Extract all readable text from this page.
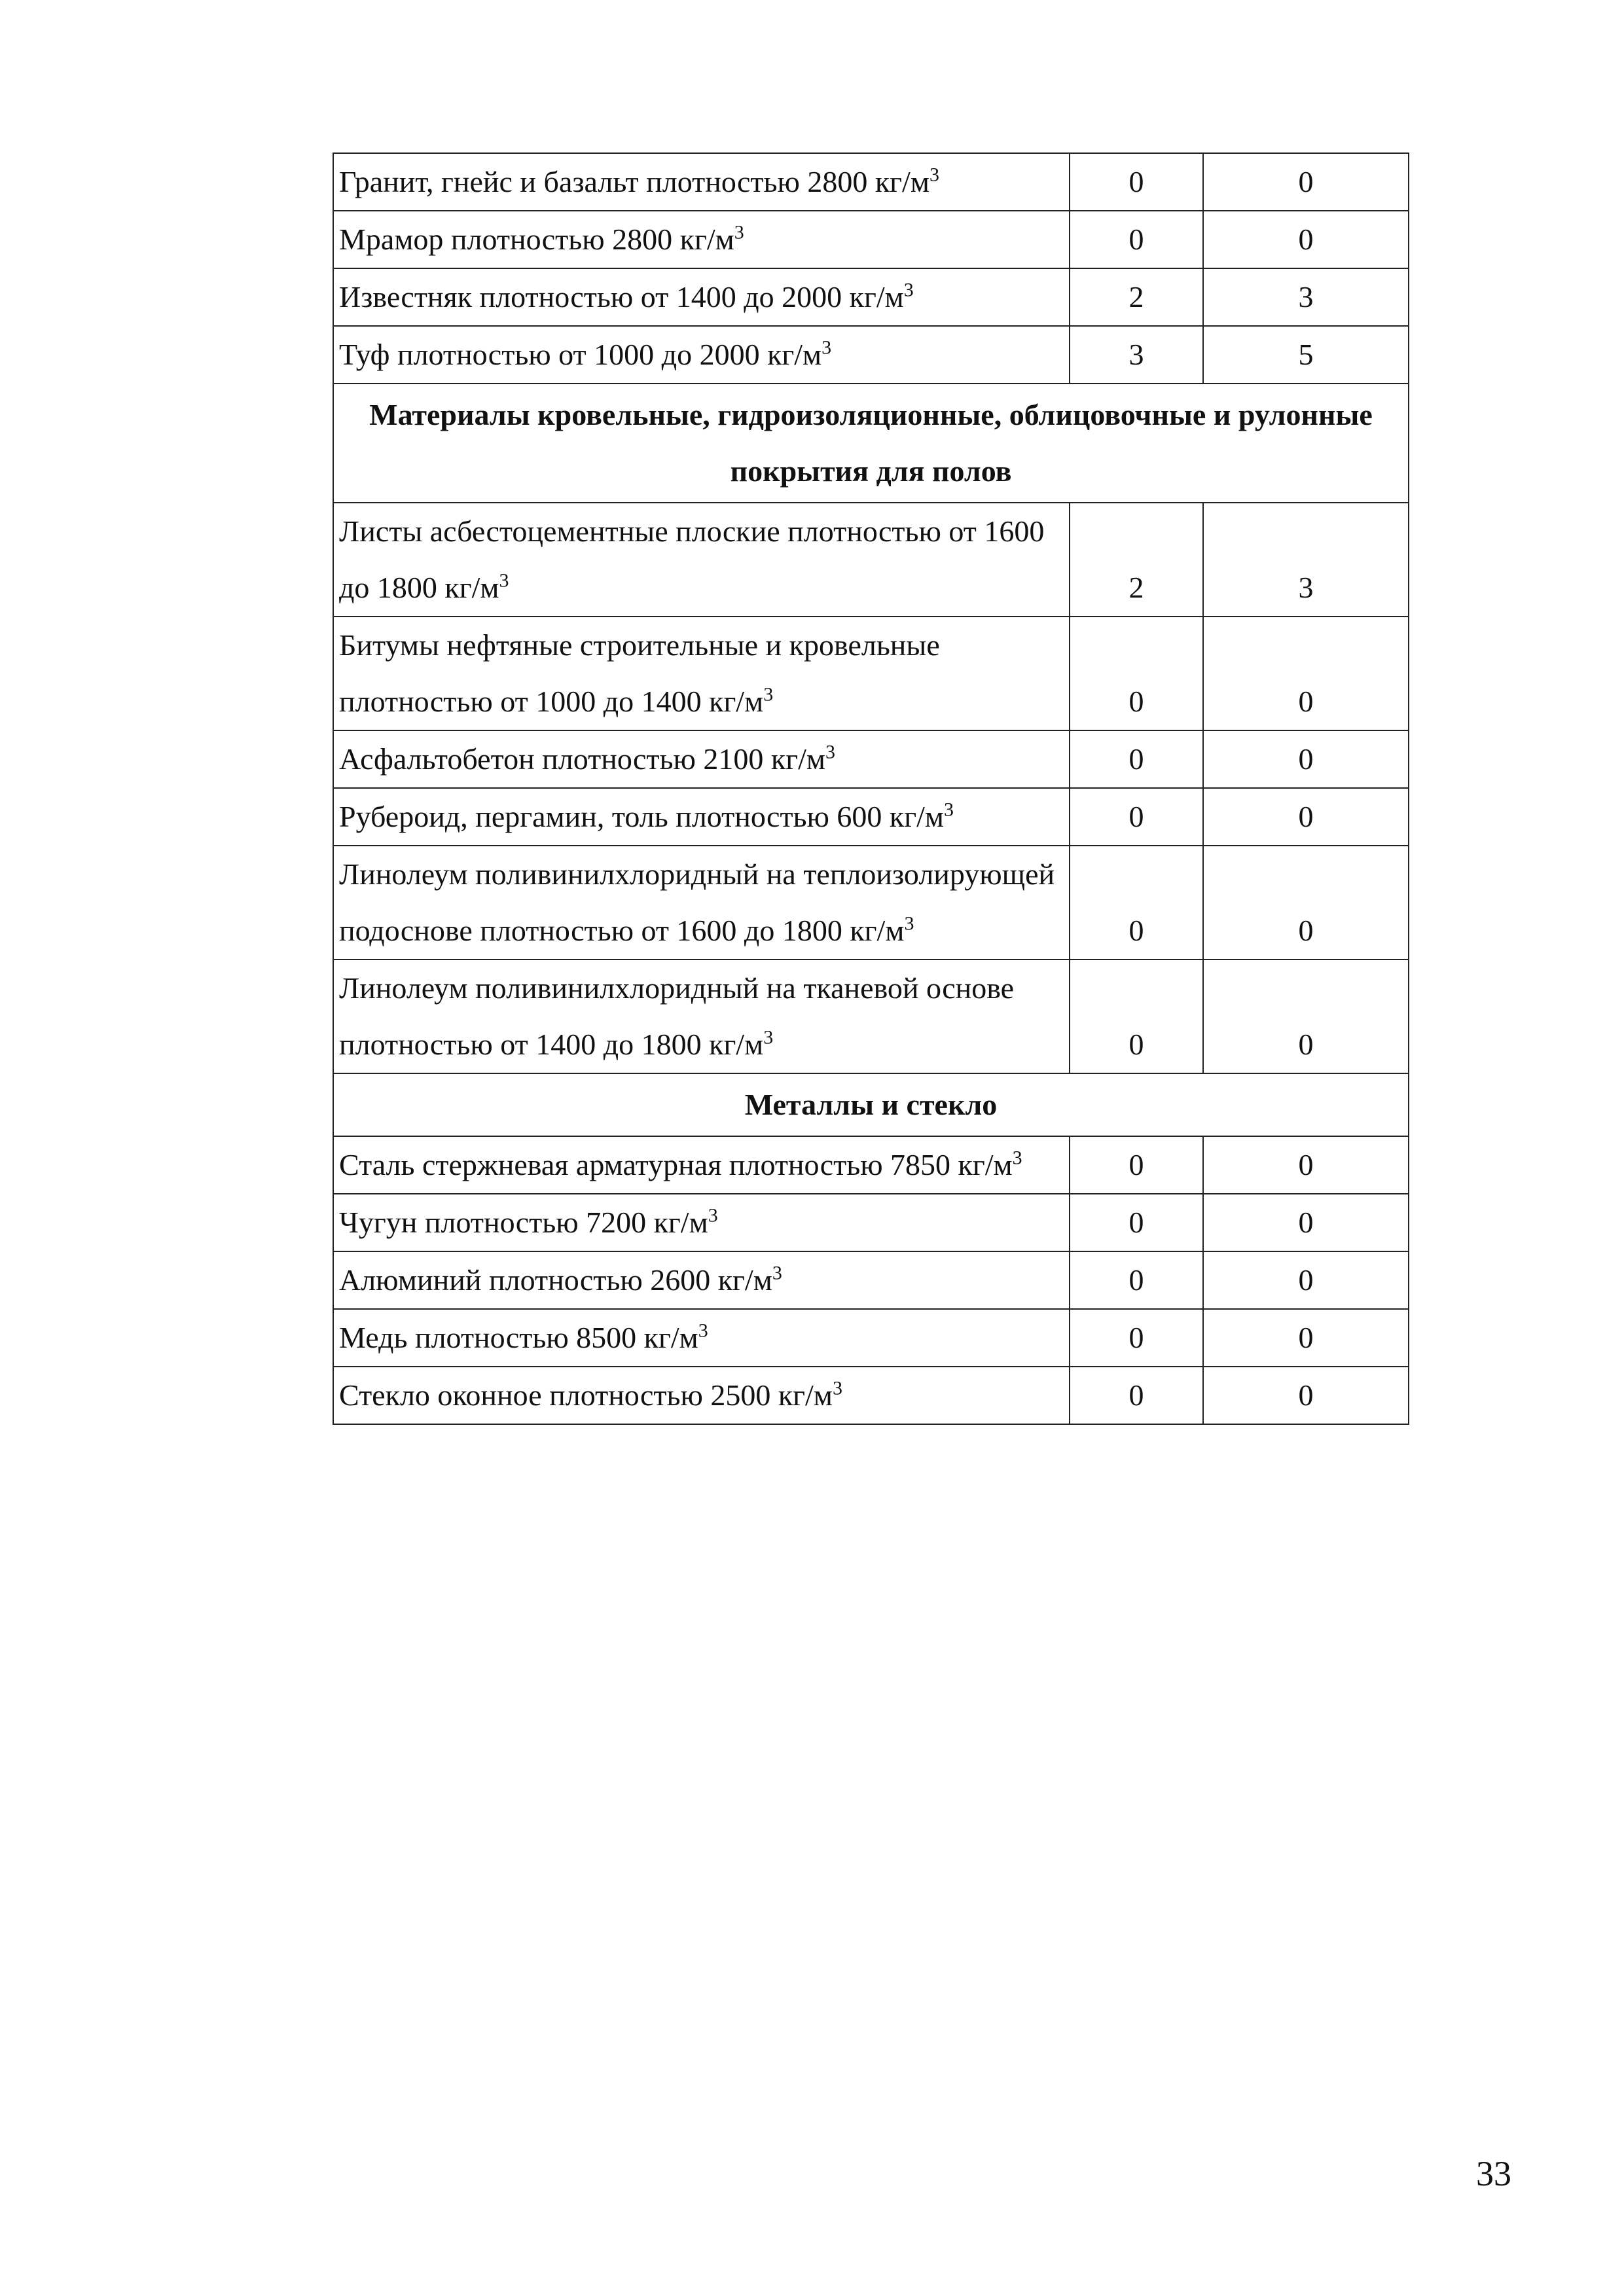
Гранит, гнейс и базальт плотностью 2800 $кг/м^3$	0	0
Мрамор плотностью 2800 $кг/м^3$	0	0
Известняк плотностью от 1400 до 2000 $кг/м^3$	2	3
Туф плотностью от 1000 до 2000 $кг/м^3$	3	5
Материалы кровельные, гидроизоляционные, облицовочные и рулонные покрытия для полов		
Листы асбестоцементные плоские плотностью от 1600 до 1800 $кг/м^3$	2	3
Битумы нефтяные строительные и кровельные плотностью от 1000 до 1400 $кг/м^3$	0	0
Асфальтобетон плотностью 2100 $кг/м^3$	0	0
Рубероид, пергамин, толь плотностью 600 $кг/м^3$	0	0
Линолеум поливинилхлоридный на теплоизолирующей подоснове плотностью от 1600 до 1800 $кг/м^3$	0	0
Линолеум поливинилхлоридный на тканевой основе плотностью от 1400 до 1800 $кг/м^3$	0	0
Металлы и стекло		
Сталь стержневая арматурная плотностью 7850 $кг/м^3$	0	0
Чугун плотностью 7200 $кг/м^3$	0	0
Алюминий плотностью 2600 $кг/м^3$	0	0
Медь плотностью 8500 $кг/м^3$	0	0
Стекло оконное плотностью 2500 $кг/м^3$	0	0
33
